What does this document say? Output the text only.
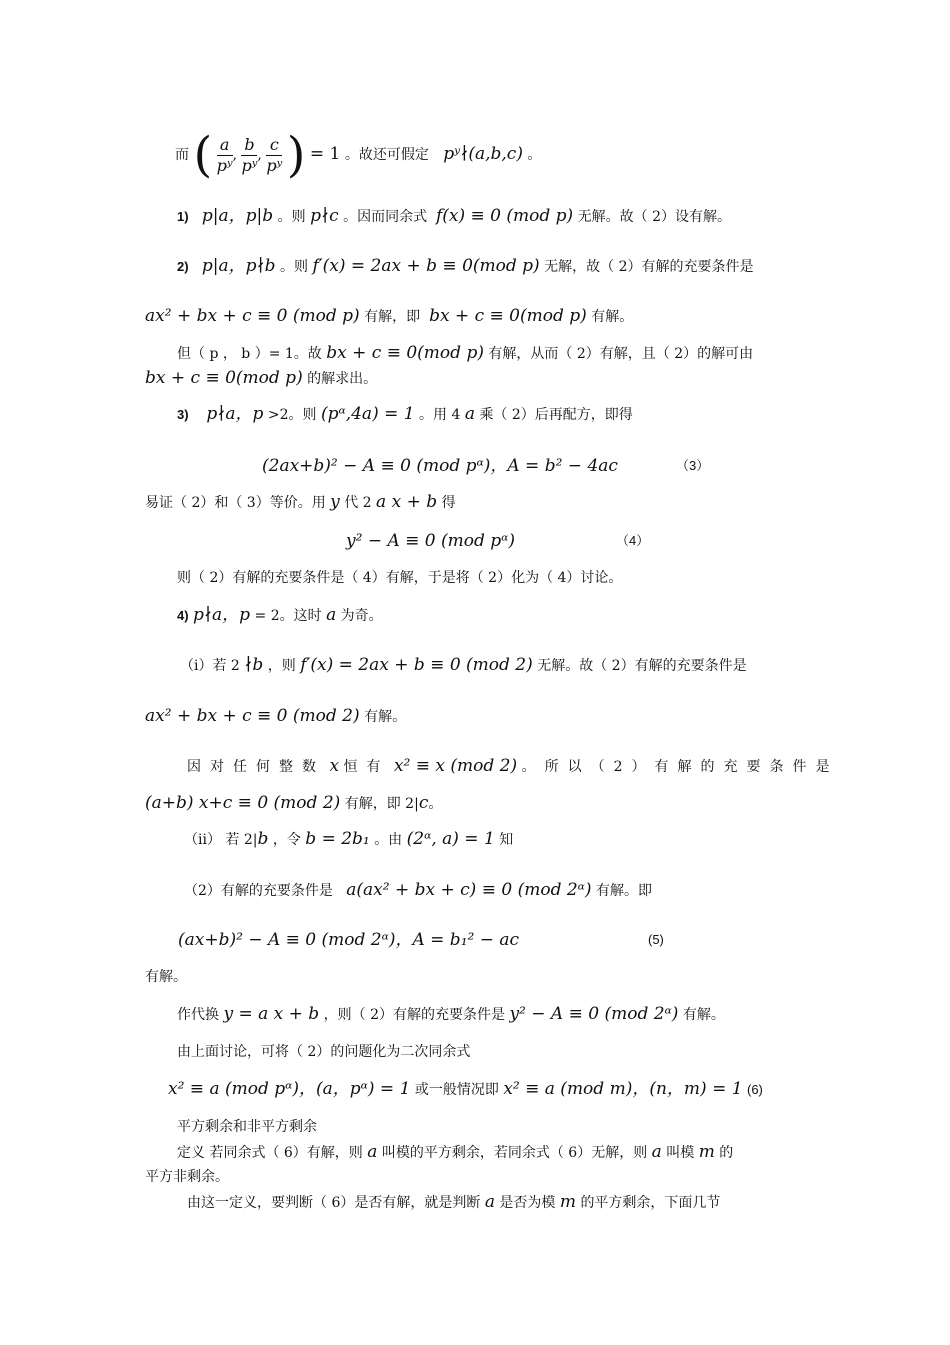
而 ( $\frac{a}{\text{pʸ}}$ , $\frac{b}{\text{pʸ}}$ , $\frac{c}{\text{pʸ}}$ ) = 1 。故还可假定 pʸ∤(a,b,c) 。
1) p|a，p|b 。则 p∤c 。因而同余式 f(x) ≡ 0 (mod p) 无解。故（ 2）设有解。
2) p|a，p∤b 。则 f′(x) = 2ax + b ≡ 0(mod p) 无解，故（ 2）有解的充要条件是
ax² + bx + c ≡ 0 (mod p) 有解，即 bx + c ≡ 0(mod p) 有解。
但（ p ， b ）= 1。故 bx + c ≡ 0(mod p) 有解，从而（ 2）有解，且（ 2）的解可由
bx + c ≡ 0(mod p) 的解求出。
3) p∤a，p >2。则 (pᵅ,4a) = 1 。用 4 a 乘（ 2）后再配方，即得
(2ax+b)² − A ≡ 0 (mod pᵅ)，A = b² − 4ac	（3）
易证（ 2）和（ 3）等价。用 y 代 2 a x + b 得
y² − A ≡ 0 (mod pᵅ)	（4）
则（ 2）有解的充要条件是（ 4）有解，于是将（ 2）化为（ 4）讨论。
4) p∤a，p = 2。这时 a 为奇。
（i）若 2 ∤b ，则 f′(x) = 2ax + b ≡ 0 (mod 2) 无解。故（ 2）有解的充要条件是
ax² + bx + c ≡ 0 (mod 2) 有解。
因对任何整数 x 恒有 x² ≡ x (mod 2) 。所以（2）有解的充要条件是
(a+b) x+c ≡ 0 (mod 2) 有解，即 2|c。
（ii） 若 2|b ，令 b = 2b₁ 。由 (2ᵅ, a) = 1 知
（2）有解的充要条件是 a(ax² + bx + c) ≡ 0 (mod 2ᵅ) 有解。即
(ax+b)² − A ≡ 0 (mod 2ᵅ)，A = b₁² − ac	(5)
有解。
作代换 y = a x + b ，则（ 2）有解的充要条件是 y² − A ≡ 0 (mod 2ᵅ) 有解。
由上面讨论，可将（ 2）的问题化为二次同余式
x² ≡ a (mod pᵅ)，(a，pᵅ) = 1 或一般情况即 x² ≡ a (mod m)，(n，m) = 1 (6)
平方剩余和非平方剩余
定义 若同余式（ 6）有解，则 a 叫模的平方剩余，若同余式（ 6）无解，则 a 叫模 m 的
平方非剩余。
由这一定义，要判断（ 6）是否有解，就是判断 a 是否为模 m 的平方剩余，下面几节
